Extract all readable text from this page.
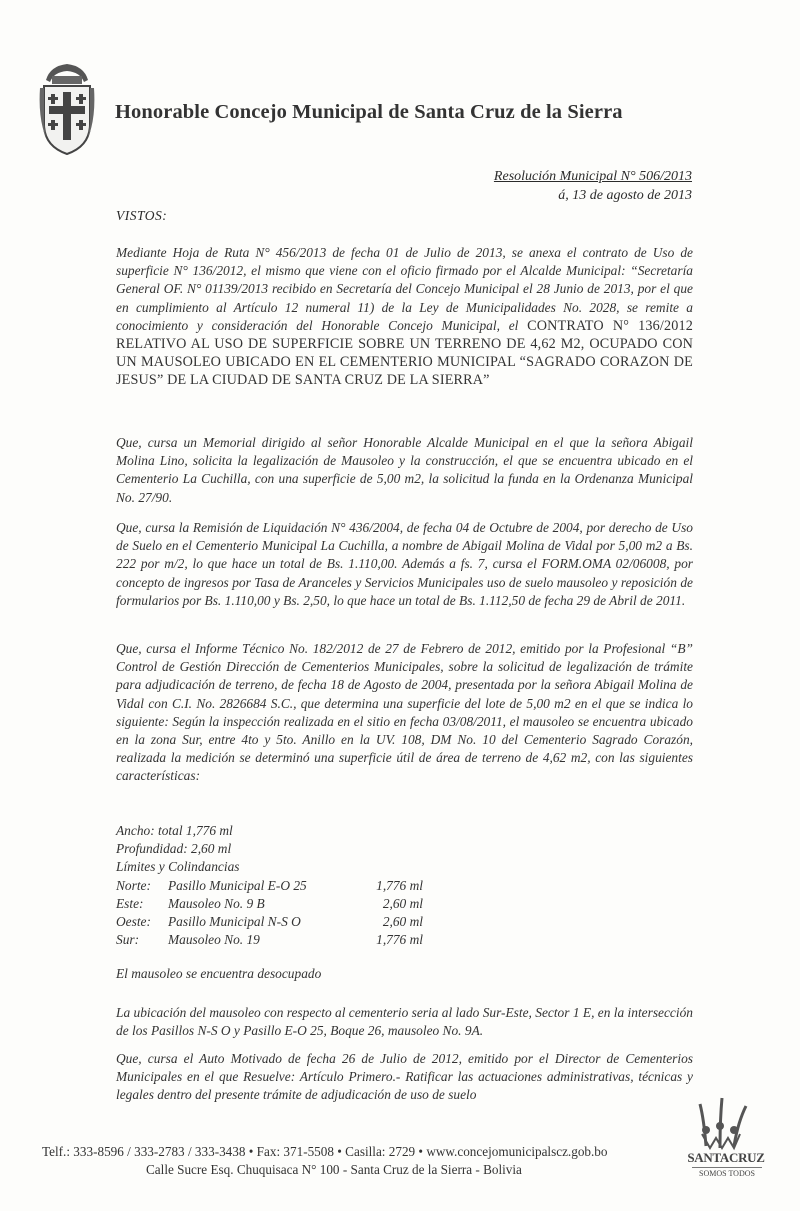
Honorable Concejo Municipal de Santa Cruz de la Sierra
Resolución Municipal N° 506/2013
á, 13 de agosto de 2013
VISTOS:
Mediante Hoja de Ruta N° 456/2013 de fecha 01 de Julio de 2013, se anexa el contrato de Uso de superficie N° 136/2012, el mismo que viene con el oficio firmado por el Alcalde Municipal: “Secretaría General OF. N° 01139/2013 recibido en Secretaría del Concejo Municipal el 28 Junio de 2013, por el que en cumplimiento al Artículo 12 numeral 11) de la Ley de Municipalidades No. 2028, se remite a conocimiento y consideración del Honorable Concejo Municipal, el CONTRATO N° 136/2012 RELATIVO AL USO DE SUPERFICIE SOBRE UN TERRENO DE 4,62 M2, OCUPADO CON UN MAUSOLEO UBICADO EN EL CEMENTERIO MUNICIPAL “SAGRADO CORAZON DE JESUS” DE LA CIUDAD DE SANTA CRUZ DE LA SIERRA”
Que, cursa un Memorial dirigido al señor Honorable Alcalde Municipal en el que la señora Abigail Molina Lino, solicita la legalización de Mausoleo y la construcción, el que se encuentra ubicado en el Cementerio La Cuchilla, con una superficie de 5,00 m2, la solicitud la funda en la Ordenanza Municipal No. 27/90.
Que, cursa la Remisión de Liquidación N° 436/2004, de fecha 04 de Octubre de 2004, por derecho de Uso de Suelo en el Cementerio Municipal La Cuchilla, a nombre de Abigail Molina de Vidal por 5,00 m2 a Bs. 222 por m/2, lo que hace un total de Bs. 1.110,00. Además a fs. 7, cursa el FORM.OMA 02/06008, por concepto de ingresos por Tasa de Aranceles y Servicios Municipales uso de suelo mausoleo y reposición de formularios por Bs. 1.110,00 y Bs. 2,50, lo que hace un total de Bs. 1.112,50 de fecha 29 de Abril de 2011.
Que, cursa el Informe Técnico No. 182/2012 de 27 de Febrero de 2012, emitido por la Profesional “B” Control de Gestión Dirección de Cementerios Municipales, sobre la solicitud de legalización de trámite para adjudicación de terreno, de fecha 18 de Agosto de 2004, presentada por la señora Abigail Molina de Vidal con C.I. No. 2826684 S.C., que determina una superficie del lote de 5,00 m2 en el que se indica lo siguiente: Según la inspección realizada en el sitio en fecha 03/08/2011, el mausoleo se encuentra ubicado en la zona Sur, entre 4to y 5to. Anillo en la UV. 108, DM No. 10 del Cementerio Sagrado Corazón, realizada la medición se determinó una superficie útil de área de terreno de 4,62 m2, con las siguientes características:
Ancho: total 1,776 ml
Profundidad: 2,60 ml
Límites y Colindancias
Norte:	Pasillo Municipal E-O 25	1,776 ml
Este:	Mausoleo No. 9 B	2,60 ml
Oeste:	Pasillo Municipal N-S O	2,60 ml
Sur:	Mausoleo No. 19	1,776 ml
El mausoleo se encuentra desocupado
La ubicación del mausoleo con respecto al cementerio seria al lado Sur-Este, Sector 1 E, en la intersección de los Pasillos N-S O y Pasillo E-O 25, Boque 26, mausoleo No. 9A.
Que, cursa el Auto Motivado de fecha 26 de Julio de 2012, emitido por el Director de Cementerios Municipales en el que Resuelve: Artículo Primero.- Ratificar las actuaciones administrativas, técnicas y legales dentro del presente trámite de adjudicación de uso de suelo
Telf.: 333-8596 / 333-2783 / 333-3438 • Fax: 371-5508 • Casilla: 2729 • www.concejomunicipalscz.gob.bo
Calle Sucre Esq. Chuquisaca N° 100 - Santa Cruz de la Sierra - Bolivia
SANTACRUZ
SOMOS TODOS
